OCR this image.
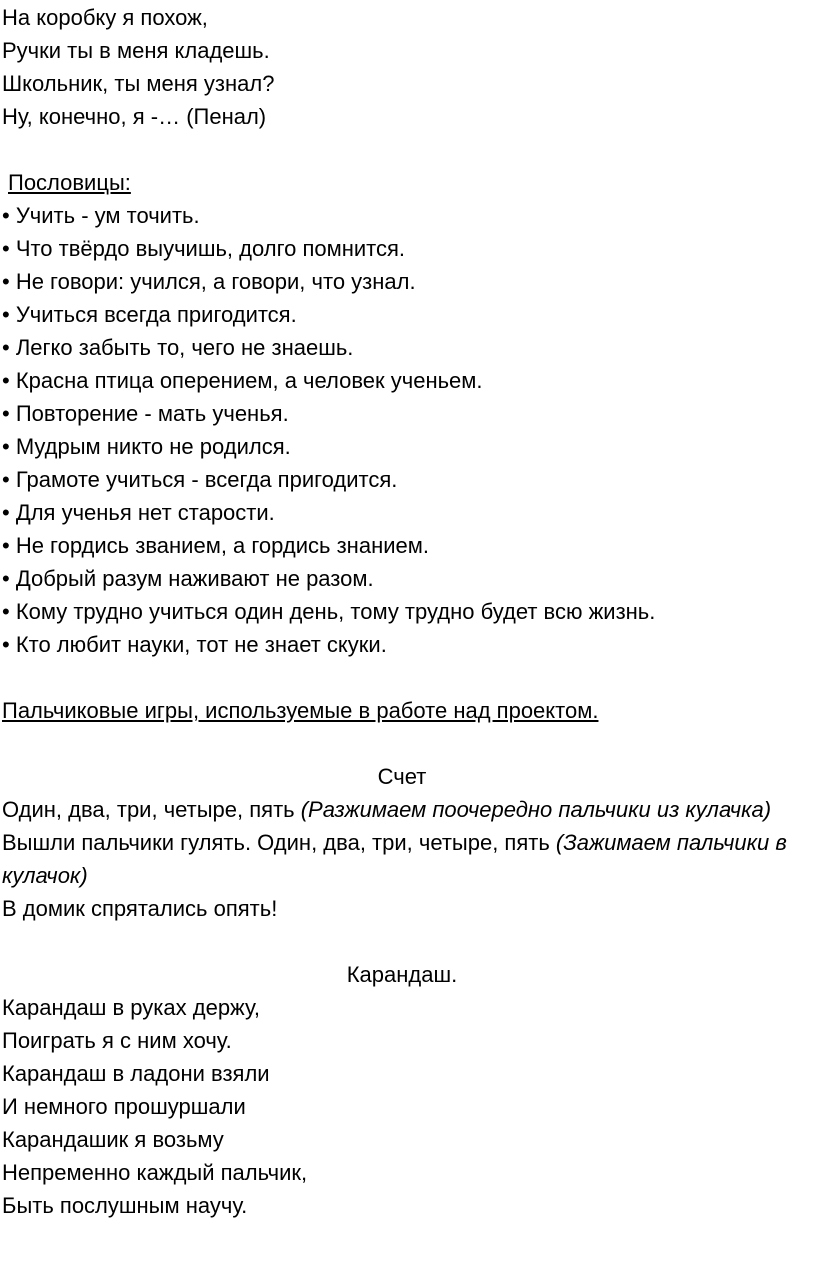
На коробку я похож,

Ручки ты в меня кладешь.

Школьник, ты меня узнал?

Ну, конечно, я -… (Пенал)

Пословицы:

• Учить - ум точить.

• Что твёрдо выучишь, долго помнится.

• Не говори: учился, а говори, что узнал.

• Учиться всегда пригодится.

• Легко забыть то, чего не знаешь.

• Красна птица оперением, а человек ученьем.

• Повторение - мать ученья.

• Мудрым никто не родился.

• Грамоте учиться - всегда пригодится.

• Для ученья нет старости.

• Не гордись званием, а гордись знанием.

• Добрый разум наживают не разом.

• Кому трудно учиться один день, тому трудно будет всю жизнь.

• Кто любит науки, тот не знает скуки.

Пальчиковые игры, используемые в работе над проектом.

Счет

Один, два, три, четыре, пять (Разжимаем поочередно пальчики из кулачка)

Вышли пальчики гулять. Один, два, три, четыре, пять (Зажимаем пальчики в кулачок)

В домик спрятались опять!

Карандаш.

Карандаш в руках держу,

Поиграть я с ним хочу.

Карандаш в ладони взяли

И немного прошуршали

Карандашик я возьму

Непременно каждый пальчик,

Быть послушным научу.
